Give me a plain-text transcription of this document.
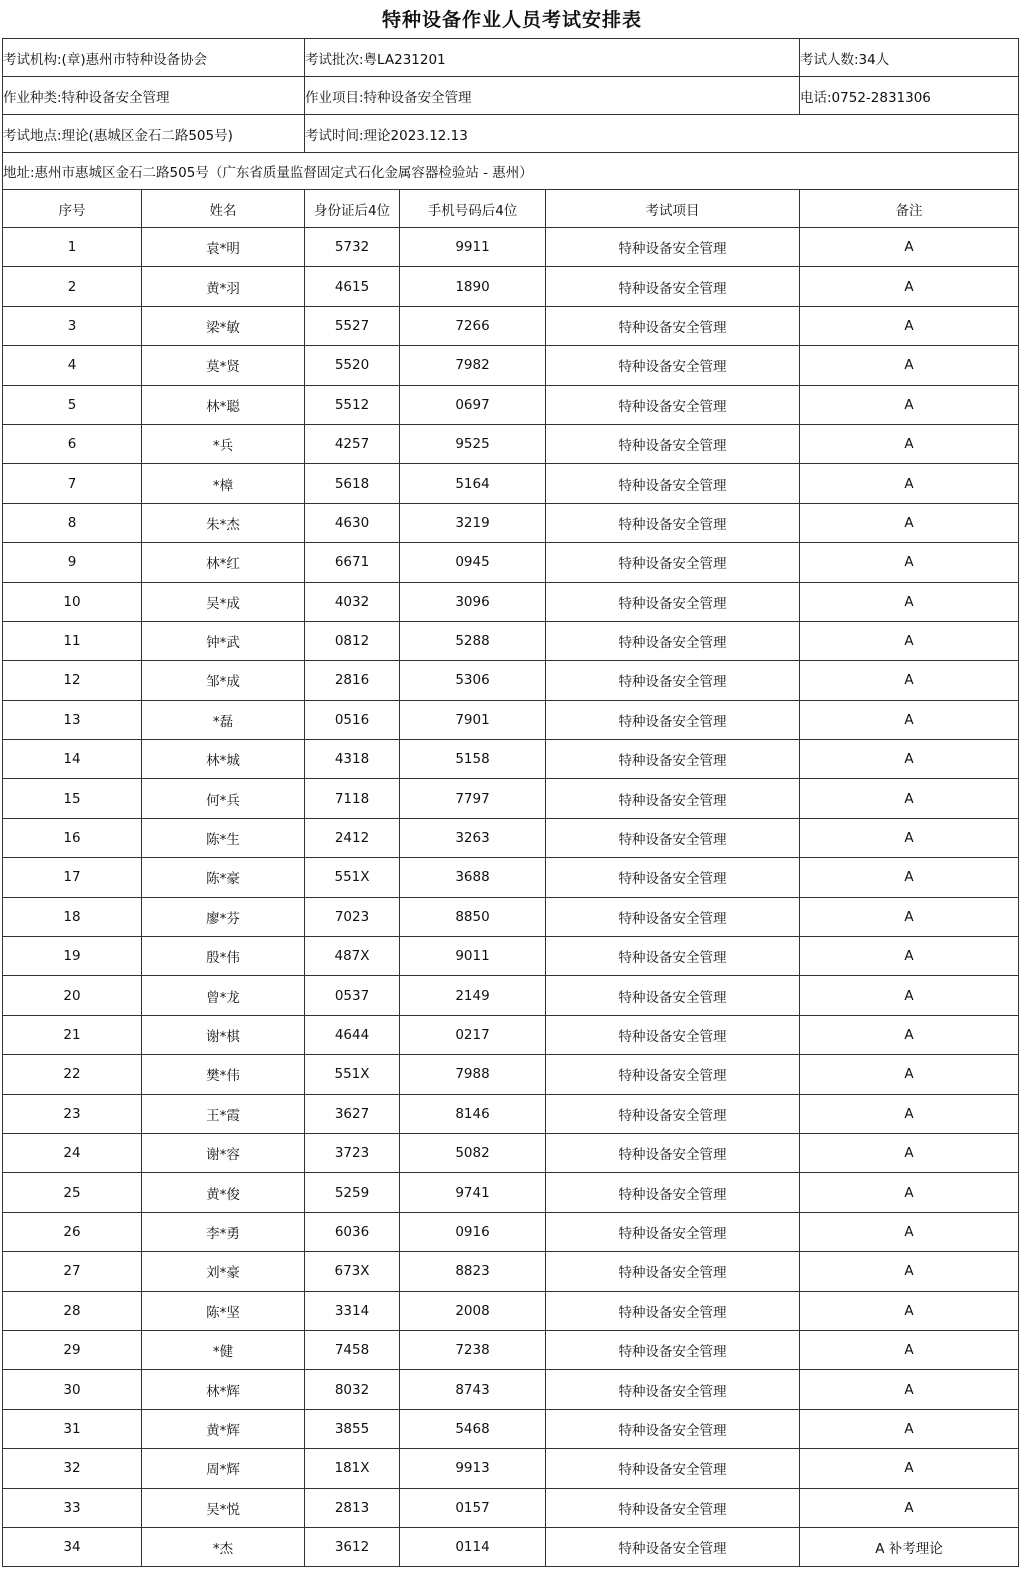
特种设备作业人员考试安排表
考试机构:(章)惠州市特种设备协会		考试批次:粤LA231201			考试人数:34人
作业种类:特种设备安全管理		作业项目:特种设备安全管理			电话:0752-2831306
考试地点:理论(惠城区金石二路505号)		考试时间:理论2023.12.13			
地址:惠州市惠城区金石二路505号（广东省质量监督固定式石化金属容器检验站 - 惠州）					
序号	姓名	身份证后4位	手机号码后4位	考试项目	备注
1	袁*明	5732	9911	特种设备安全管理	A
2	黄*羽	4615	1890	特种设备安全管理	A
3	梁*敏	5527	7266	特种设备安全管理	A
4	莫*贤	5520	7982	特种设备安全管理	A
5	林*聪	5512	0697	特种设备安全管理	A
6	*兵	4257	9525	特种设备安全管理	A
7	*樟	5618	5164	特种设备安全管理	A
8	朱*杰	4630	3219	特种设备安全管理	A
9	林*红	6671	0945	特种设备安全管理	A
10	吴*成	4032	3096	特种设备安全管理	A
11	钟*武	0812	5288	特种设备安全管理	A
12	邹*成	2816	5306	特种设备安全管理	A
13	*磊	0516	7901	特种设备安全管理	A
14	林*城	4318	5158	特种设备安全管理	A
15	何*兵	7118	7797	特种设备安全管理	A
16	陈*生	2412	3263	特种设备安全管理	A
17	陈*豪	551X	3688	特种设备安全管理	A
18	廖*芬	7023	8850	特种设备安全管理	A
19	殷*伟	487X	9011	特种设备安全管理	A
20	曾*龙	0537	2149	特种设备安全管理	A
21	谢*棋	4644	0217	特种设备安全管理	A
22	樊*伟	551X	7988	特种设备安全管理	A
23	王*霞	3627	8146	特种设备安全管理	A
24	谢*容	3723	5082	特种设备安全管理	A
25	黄*俊	5259	9741	特种设备安全管理	A
26	李*勇	6036	0916	特种设备安全管理	A
27	刘*豪	673X	8823	特种设备安全管理	A
28	陈*坚	3314	2008	特种设备安全管理	A
29	*健	7458	7238	特种设备安全管理	A
30	林*辉	8032	8743	特种设备安全管理	A
31	黄*辉	3855	5468	特种设备安全管理	A
32	周*辉	181X	9913	特种设备安全管理	A
33	吴*悦	2813	0157	特种设备安全管理	A
34	*杰	3612	0114	特种设备安全管理	A 补考理论
